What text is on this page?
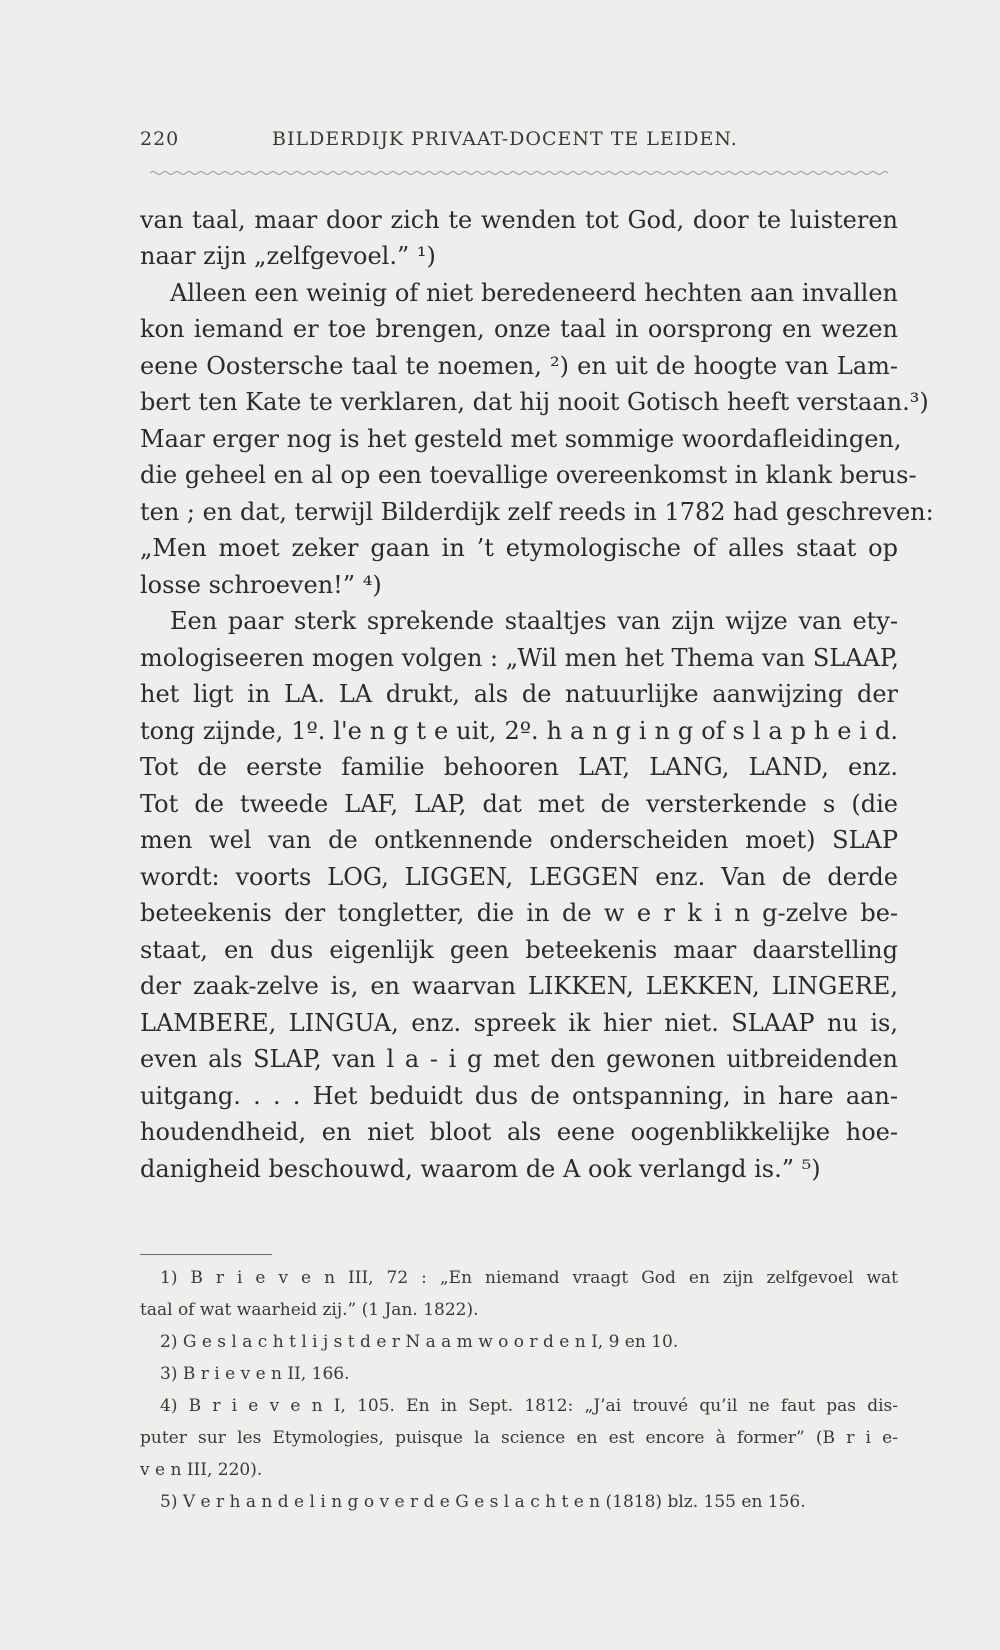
220	BILDERDIJK PRIVAAT-DOCENT TE LEIDEN.
van taal, maar door zich te wenden tot God, door te luisteren
naar zijn „zelfgevoel.” ¹)
Alleen een weinig of niet beredeneerd hechten aan invallen
kon iemand er toe brengen, onze taal in oorsprong en wezen
eene Oostersche taal te noemen, ²) en uit de hoogte van Lam-
bert ten Kate te verklaren, dat hij nooit Gotisch heeft verstaan.³)
Maar erger nog is het gesteld met sommige woordafleidingen,
die geheel en al op een toevallige overeenkomst in klank berus-
ten ; en dat, terwijl Bilderdijk zelf reeds in 1782 had geschreven:
„Men moet zeker gaan in ’t etymologische of alles staat op
losse schroeven!” ⁴)
Een paar sterk sprekende staaltjes van zijn wijze van ety-
mologiseeren mogen volgen : „Wil men het Thema van SLAAP,
het ligt in LA. LA drukt, als de natuurlijke aanwijzing der
tong zijnde, 1º. l'e n g t e uit, 2º. h a n g i n g of s l a p h e i d.
Tot de eerste familie behooren LAT, LANG, LAND, enz.
Tot de tweede LAF, LAP, dat met de versterkende s (die
men wel van de ontkennende onderscheiden moet) SLAP
wordt: voorts LOG, LIGGEN, LEGGEN enz. Van de derde
beteekenis der tongletter, die in de w e r k i n g-zelve be-
staat, en dus eigenlijk geen beteekenis maar daarstelling
der zaak-zelve is, en waarvan LIKKEN, LEKKEN, LINGERE,
LAMBERE, LINGUA, enz. spreek ik hier niet. SLAAP nu is,
even als SLAP, van l a - i g met den gewonen uitbreidenden
uitgang. . . . Het beduidt dus de ontspanning, in hare aan-
houdendheid, en niet bloot als eene oogenblikkelijke hoe-
danigheid beschouwd, waarom de A ook verlangd is.” ⁵)
1) B r i e v e n III, 72 : „En niemand vraagt God en zijn zelfgevoel wat
taal of wat waarheid zij.” (1 Jan. 1822).
2) G e s l a c h t l i j s t d e r N a a m w o o r d e n I, 9 en 10.
3) B r i e v e n II, 166.
4) B r i e v e n I, 105. En in Sept. 1812: „J’ai trouvé qu’il ne faut pas dis-
puter sur les Etymologies, puisque la science en est encore à former” (B r i e-
v e n III, 220).
5) V e r h a n d e l i n g o v e r d e G e s l a c h t e n (1818) blz. 155 en 156.
